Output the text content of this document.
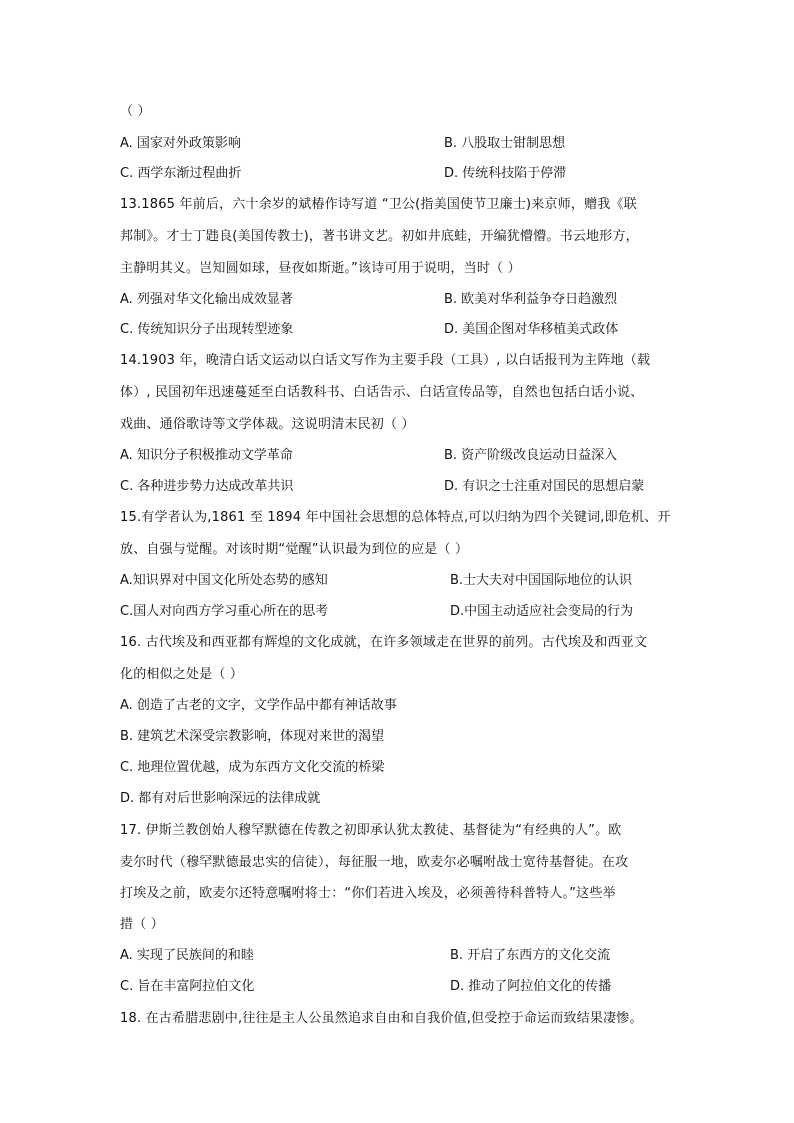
（ ）
A. 国家对外政策影响	B. 八股取士钳制思想
C. 西学东渐过程曲折	D. 传统科技陷于停滞
13.1865 年前后，六十余岁的斌椿作诗写道 “卫公(指美国使节卫廉士)来京师，赠我《联
邦制》。才士丁韪良(美国传教士)，著书讲文艺。初如井底蛙，开编犹懵懵。书云地形方，
主静明其义。岂知圆如球，昼夜如斯逝。”该诗可用于说明，当时（ ）
A. 列强对华文化输出成效显著	B. 欧美对华利益争夺日趋激烈
C. 传统知识分子出现转型迹象	D. 美国企图对华移植美式政体
14.1903 年，晚清白话文运动以白话文写作为主要手段（工具）, 以白话报刊为主阵地（载
体）, 民国初年迅速蔓延至白话教科书、白话告示、白话宣传品等，自然也包括白话小说、
戏曲、通俗歌诗等文学体裁。这说明清末民初（ ）
A. 知识分子积极推动文学革命	B. 资产阶级改良运动日益深入
C. 各种进步势力达成改革共识	D. 有识之士注重对国民的思想启蒙
15.有学者认为,1861 至 1894 年中国社会思想的总体特点,可以归纳为四个关键词,即危机、开
放、自强与觉醒。对该时期“觉醒”认识最为到位的应是（ ）
A.知识界对中国文化所处态势的感知	B.士大夫对中国国际地位的认识
C.国人对向西方学习重心所在的思考	D.中国主动适应社会变局的行为
16. 古代埃及和西亚都有辉煌的文化成就，在许多领域走在世界的前列。古代埃及和西亚文
化的相似之处是（ ）
A. 创造了古老的文字，文学作品中都有神话故事
B. 建筑艺术深受宗教影响，体现对来世的渴望
C. 地理位置优越，成为东西方文化交流的桥梁
D. 都有对后世影响深远的法律成就
17. 伊斯兰教创始人穆罕默德在传教之初即承认犹太教徒、基督徒为“有经典的人”。欧
麦尔时代（穆罕默德最忠实的信徒），每征服一地，欧麦尔必嘱咐战士宽待基督徒。在攻
打埃及之前，欧麦尔还特意嘱咐将士：“你们若进入埃及，必须善待科普特人。”这些举
措（ ）
A. 实现了民族间的和睦	B. 开启了东西方的文化交流
C. 旨在丰富阿拉伯文化	D. 推动了阿拉伯文化的传播
18. 在古希腊悲剧中,往往是主人公虽然追求自由和自我价值,但受控于命运而致结果凄惨。
